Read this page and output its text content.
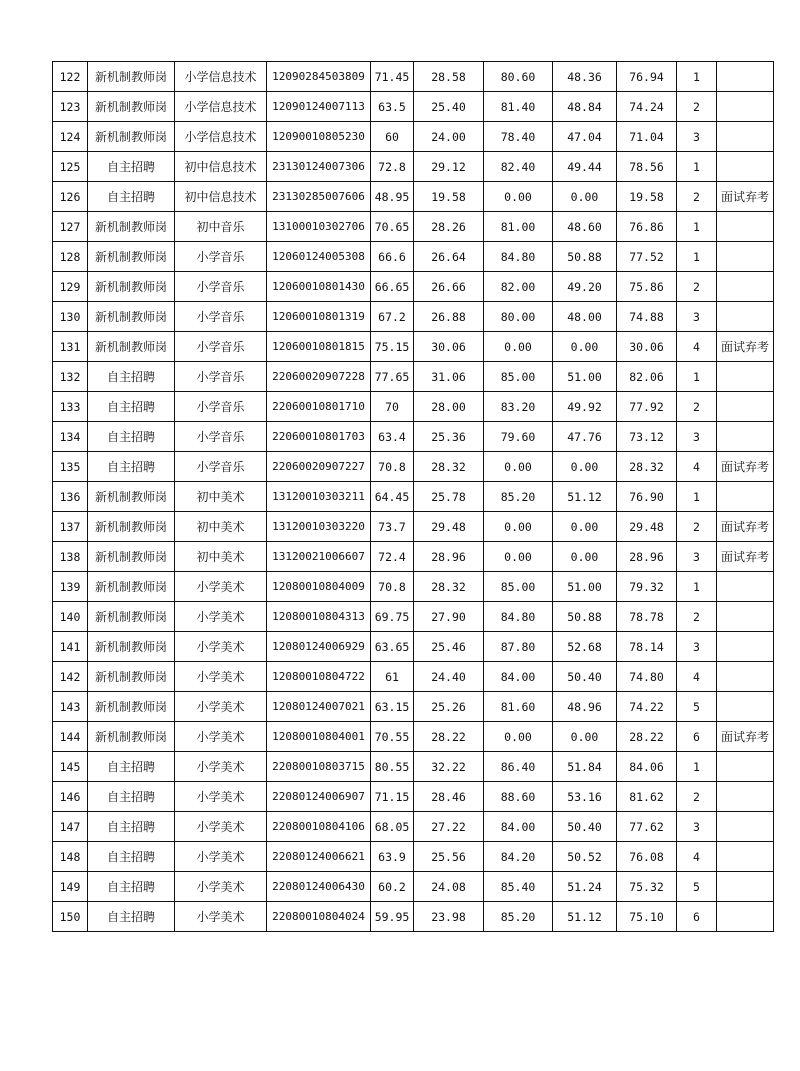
122	新机制教师岗	小学信息技术	12090284503809	71.45	28.58	80.60	48.36	76.94	1	
123	新机制教师岗	小学信息技术	12090124007113	63.5	25.40	81.40	48.84	74.24	2	
124	新机制教师岗	小学信息技术	12090010805230	60	24.00	78.40	47.04	71.04	3	
125	自主招聘	初中信息技术	23130124007306	72.8	29.12	82.40	49.44	78.56	1	
126	自主招聘	初中信息技术	23130285007606	48.95	19.58	0.00	0.00	19.58	2	面试弃考
127	新机制教师岗	初中音乐	13100010302706	70.65	28.26	81.00	48.60	76.86	1	
128	新机制教师岗	小学音乐	12060124005308	66.6	26.64	84.80	50.88	77.52	1	
129	新机制教师岗	小学音乐	12060010801430	66.65	26.66	82.00	49.20	75.86	2	
130	新机制教师岗	小学音乐	12060010801319	67.2	26.88	80.00	48.00	74.88	3	
131	新机制教师岗	小学音乐	12060010801815	75.15	30.06	0.00	0.00	30.06	4	面试弃考
132	自主招聘	小学音乐	22060020907228	77.65	31.06	85.00	51.00	82.06	1	
133	自主招聘	小学音乐	22060010801710	70	28.00	83.20	49.92	77.92	2	
134	自主招聘	小学音乐	22060010801703	63.4	25.36	79.60	47.76	73.12	3	
135	自主招聘	小学音乐	22060020907227	70.8	28.32	0.00	0.00	28.32	4	面试弃考
136	新机制教师岗	初中美术	13120010303211	64.45	25.78	85.20	51.12	76.90	1	
137	新机制教师岗	初中美术	13120010303220	73.7	29.48	0.00	0.00	29.48	2	面试弃考
138	新机制教师岗	初中美术	13120021006607	72.4	28.96	0.00	0.00	28.96	3	面试弃考
139	新机制教师岗	小学美术	12080010804009	70.8	28.32	85.00	51.00	79.32	1	
140	新机制教师岗	小学美术	12080010804313	69.75	27.90	84.80	50.88	78.78	2	
141	新机制教师岗	小学美术	12080124006929	63.65	25.46	87.80	52.68	78.14	3	
142	新机制教师岗	小学美术	12080010804722	61	24.40	84.00	50.40	74.80	4	
143	新机制教师岗	小学美术	12080124007021	63.15	25.26	81.60	48.96	74.22	5	
144	新机制教师岗	小学美术	12080010804001	70.55	28.22	0.00	0.00	28.22	6	面试弃考
145	自主招聘	小学美术	22080010803715	80.55	32.22	86.40	51.84	84.06	1	
146	自主招聘	小学美术	22080124006907	71.15	28.46	88.60	53.16	81.62	2	
147	自主招聘	小学美术	22080010804106	68.05	27.22	84.00	50.40	77.62	3	
148	自主招聘	小学美术	22080124006621	63.9	25.56	84.20	50.52	76.08	4	
149	自主招聘	小学美术	22080124006430	60.2	24.08	85.40	51.24	75.32	5	
150	自主招聘	小学美术	22080010804024	59.95	23.98	85.20	51.12	75.10	6	
